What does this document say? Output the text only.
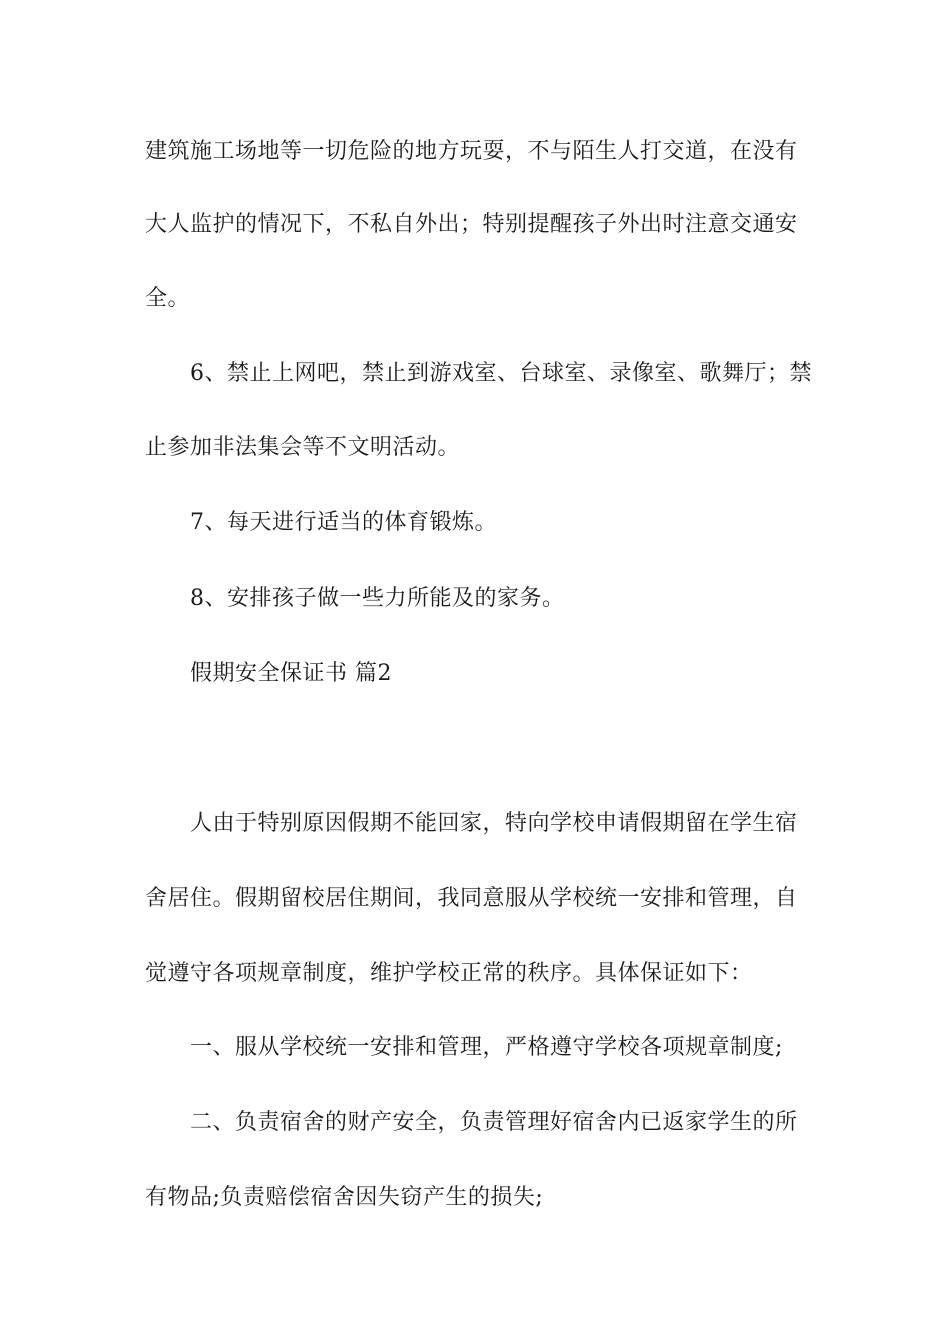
建筑施工场地等一切危险的地方玩耍，不与陌生人打交道，在没有
大人监护的情况下，不私自外出；特别提醒孩子外出时注意交通安
全。
6、禁止上网吧，禁止到游戏室、台球室、录像室、歌舞厅；禁
止参加非法集会等不文明活动。
7、每天进行适当的体育锻炼。
8、安排孩子做一些力所能及的家务。
假期安全保证书 篇2
人由于特别原因假期不能回家，特向学校申请假期留在学生宿
舍居住。假期留校居住期间，我同意服从学校统一安排和管理，自
觉遵守各项规章制度，维护学校正常的秩序。具体保证如下：
一、服从学校统一安排和管理，严格遵守学校各项规章制度;
二、负责宿舍的财产安全，负责管理好宿舍内已返家学生的所
有物品;负责赔偿宿舍因失窃产生的损失;
